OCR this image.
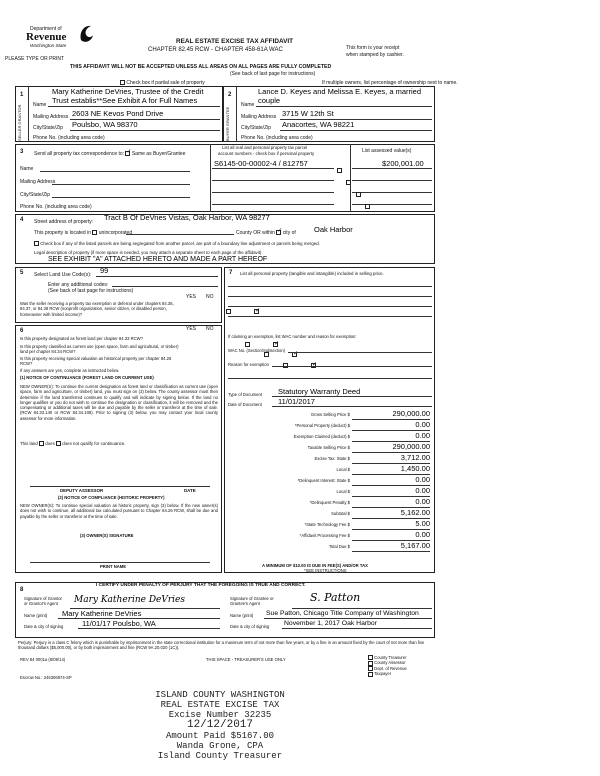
Department of
Revenue
Washington State
PLEASE TYPE OR PRINT
REAL ESTATE EXCISE TAX AFFIDAVIT
CHAPTER 82.45 RCW - CHAPTER 458-61A WAC	This form is your receipt
when stamped by cashier.
THIS AFFIDAVIT WILL NOT BE ACCEPTED UNLESS ALL AREAS ON ALL PAGES ARE FULLY COMPLETED
(See back of last page for instructions)
Check box if partial sale of property	If multiple owners, list percentage of ownership next to name.
1	2
SELLER GRANTOR	BUYER GRANTEE
Mary Katherine DeVries, Trustee of the Credit
Name Trust establis**See Exhibit A for Full Names
Mailing Address 2603 NE Kevos Pond Drive
City/State/Zip Poulsbo, WA 98370
Phone No. (including area code)
Lance D. Keyes and Melissa E. Keyes, a married
Name couple
Mailing Address 3715 W 12th St
City/State/Zip Anacortes, WA 98221
Phone No. (including area code)
3 Send all property tax correspondence to: ✓ Same as Buyer/Grantee
Name
Mailing Address
City/State/Zip
Phone No. (including area code)
List all real and personal property tax parcel
account numbers - check box if personal property	List assessed value(s)
S6145-00-00002-4 / 812757	$200,001.00

4 Street address of property: Tract B Of DeVries Vistas, Oak Harbor, WA 98277
This property is located in unincorporated	County OR within ✓ city of Oak Harbor
Check box if any of the listed parcels are being segregated from another parcel, are part of a boundary line adjustment or parcels being merged.
Legal description of property (if more space is needed, you may attach a separate sheet to each page of the affidavit)
SEE EXHIBIT "A" ATTACHED HERETO AND MADE A PART HEREOF
5 Select Land Use Code(s): 99
Enter any additional codes:
(See back of last page for instructions)
YES NO
Was the seller receiving a property tax exemption or deferral under chapters 84.36, 84.37, or 84.38 RCW (nonprofit organization, senior citizen, or disabled person, homeowner with limited income)?
✓
6	YES NO
Is this property designated as forest land per chapter 84.33 RCW?
✓
Is this property classified as current use (open space, farm and agricultural, or timber) land per chapter 84.34 RCW?
✓
Is this property receiving special valuation as historical property per chapter 84.26 RCW?
✓
If any answers are yes, complete as instructed below.
(1) NOTICE OF CONTINUANCE (FOREST LAND OR CURRENT USE)
NEW OWNER(S): To continue the current designation as forest land or classification as current use (open space, farm and agriculture, or timber) land, you must sign on (3) below. The county assessor must then determine if the land transferred continues to qualify and will indicate by signing below. If the land no longer qualifies or you do not wish to continue the designation or classification, it will be removed and the compensating or additional taxes will be due and payable by the seller or transferor at the time of sale. (RCW 84.33.140 or RCW 84.34.108). Prior to signing (3) below, you may contact your local county assessor for more information.
This land does does not qualify for continuance.
DEPUTY ASSESSOR	DATE
(2) NOTICE OF COMPLIANCE (HISTORIC PROPERTY)
NEW OWNER(S): To continue special valuation as historic property, sign (3) below. If the new owner(s) does not wish to continue, all additional tax calculated pursuant to Chapter 84.26 RCW, shall be due and payable by the seller or transferor at the time of sale.
(3) OWNER(S) SIGNATURE
PRINT NAME
7 List all personal property (tangible and intangible) included in selling price.
If claiming an exemption, list WAC number and reason for exemption:
WAC No. (Section/Subsection)
Reason for exemption
Type of Document Statutory Warranty Deed
Date of Document 11/01/2017
Gross Selling Price $	290,000.00
*Personal Property (deduct) $	0.00
Exemption Claimed (deduct) $	0.00
Taxable Selling Price $	290,000.00
Excise Tax: State $	3,712.00
Local $	1,450.00
*Delinquent Interest: State $	0.00
Local $	0.00
*Delinquent Penalty $	0.00
Subtotal $	5,162.00
*State Technology Fee $	5.00
*Affidavit Processing Fee $	0.00
Total Due $	5,167.00
A MINIMUM OF $10.00 IS DUE IN FEE(S) AND/OR TAX
*SEE INSTRUCTIONS
8
I CERTIFY UNDER PENALTY OF PERJURY THAT THE FOREGOING IS TRUE AND CORRECT.
Signature of Grantor or Grantor's Agent	Mary Katherine DeVries
Name (print) Mary Katherine DeVries
Date & city of signing 11/01/17 Poulsbo, WA
Signature of Grantee or Grantee's Agent	S. Patton
Name (print) Sue Patton, Chicago Title Company of Washington
Date & city of signing November 1, 2017 Oak Harbor
Perjury: Perjury is a class C felony which is punishable by imprisonment in the state correctional institution for a maximum term of not more than five years, or by a fine in an amount fixed by the court of not more than five thousand dollars ($5,000.00), or by both imprisonment and fine (RCW 9A.20.020 (1C)).
REV 84 0001a (8/09/14)	THIS SPACE - TREASURER'S USE ONLY
Escrow No.: 245306974-SP
County Treasurer
County Assessor
Dept. of Revenue
Taxpayer
ISLAND COUNTY WASHINGTON
REAL ESTATE EXCISE TAX
Excise Number 32235
12/12/2017
Amount Paid $5167.00
Wanda Grone, CPA
Island County Treasurer
